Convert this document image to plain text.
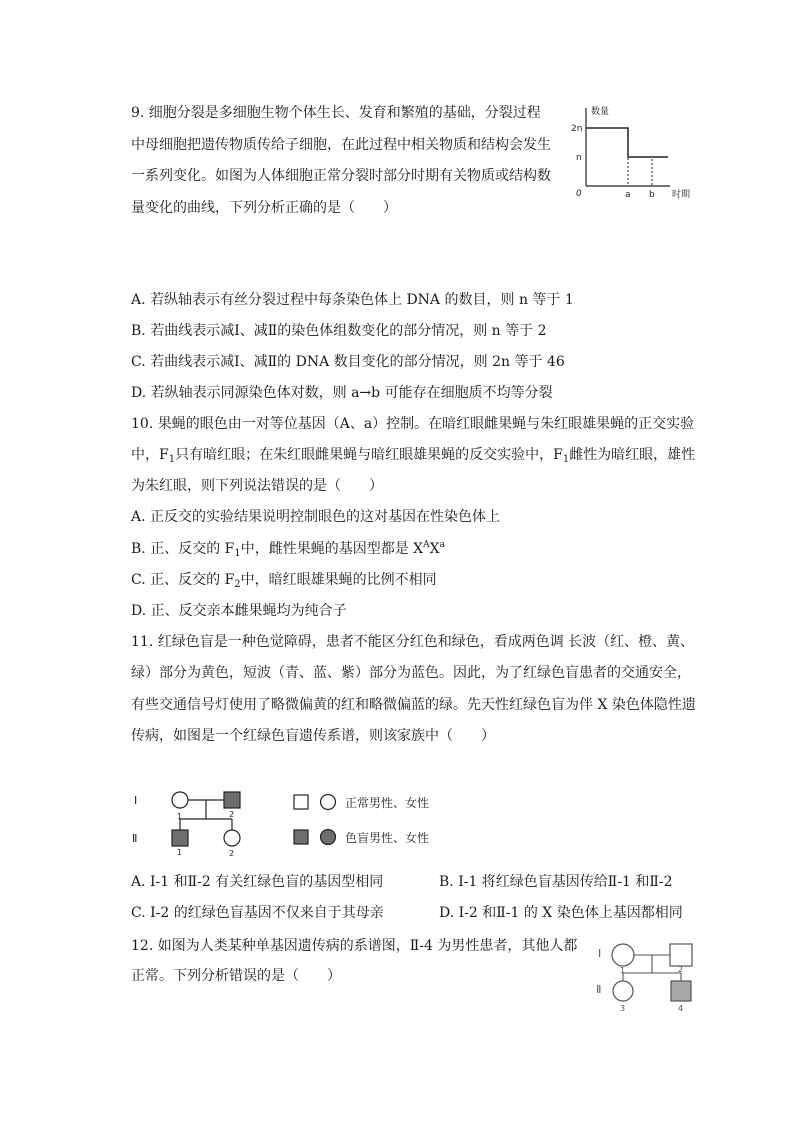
9. 细胞分裂是多细胞生物个体生长、发育和繁殖的基础，分裂过程
中母细胞把遗传物质传给子细胞，在此过程中相关物质和结构会发生
一系列变化。如图为人体细胞正常分裂时部分时期有关物质或结构数
量变化的曲线，下列分析正确的是（　　）
数量
2n
n
0	a b 时期
A. 若纵轴表示有丝分裂过程中每条染色体上 DNA 的数目，则 n 等于 1
B. 若曲线表示减Ⅰ、减Ⅱ的染色体组数变化的部分情况，则 n 等于 2
C. 若曲线表示减Ⅰ、减Ⅱ的 DNA 数目变化的部分情况，则 2n 等于 46
D. 若纵轴表示同源染色体对数，则 a→b 可能存在细胞质不均等分裂
10. 果蝇的眼色由一对等位基因（A、a）控制。在暗红眼雌果蝇与朱红眼雄果蝇的正交实验
中，$F_1$只有暗红眼；在朱红眼雌果蝇与暗红眼雄果蝇的反交实验中，$F_1$雌性为暗红眼，雄性
为朱红眼，则下列说法错误的是（　　）
A. 正反交的实验结果说明控制眼色的这对基因在性染色体上
B. 正、反交的 $F_1$中，雌性果蝇的基因型都是 $X^AX^a$
C. 正、反交的 $F_2$中，暗红眼雄果蝇的比例不相同
D. 正、反交亲本雌果蝇均为纯合子
11. 红绿色盲是一种色觉障碍，患者不能区分红色和绿色，看成两色调 长波（红、橙、黄、
绿）部分为黄色，短波（青、蓝、紫）部分为蓝色。因此，为了红绿色盲患者的交通安全，
有些交通信号灯使用了略微偏黄的红和略微偏蓝的绿。先天性红绿色盲为伴 X 染色体隐性遗
传病，如图是一个红绿色盲遗传系谱，则该家族中（　　）
Ⅰ
Ⅱ
1	2
1	2
正常男性、女性
色盲男性、女性
A. Ⅰ-1 和Ⅱ-2 有关红绿色盲的基因型相同	B. Ⅰ-1 将红绿色盲基因传给Ⅱ-1 和Ⅱ-2
C. Ⅰ-2 的红绿色盲基因不仅来自于其母亲	D. Ⅰ-2 和Ⅱ-1 的 X 染色体上基因都相同
12. 如图为人类某种单基因遗传病的系谱图，Ⅱ-4 为男性患者，其他人都
正常。下列分析错误的是（　　）
Ⅰ
Ⅱ
1	2
3	4
